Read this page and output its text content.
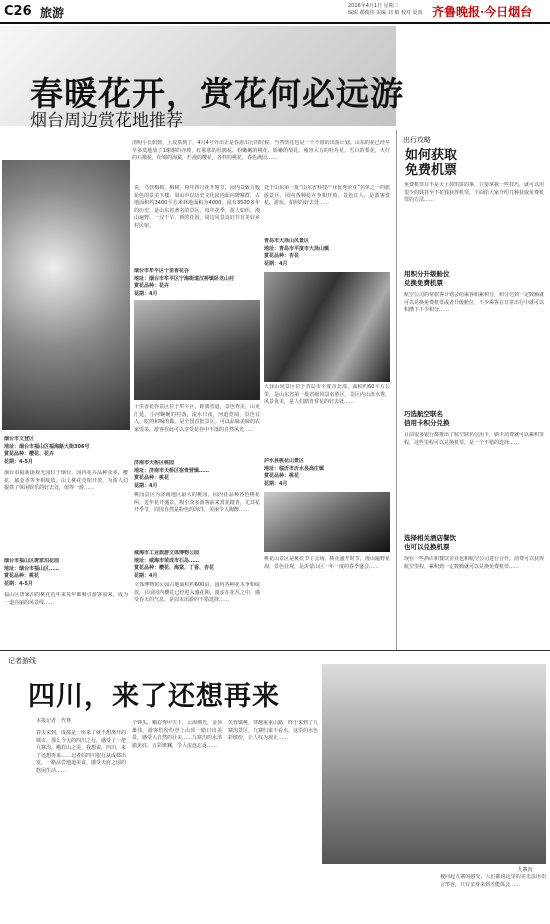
C26 旅游	2016年4月1日 星期三
编辑 郝俊伟 美编 刘 敏 校对 夏雨 齐鲁晚报·今日烟台
春暖花开，赏花何必远游
烟台周边赏花地推荐
清明小长假到，上坟墓到了，4月4号外出正是春游出行的时候，当然赏花也是一个不错的出游计划。山东的花已经早早多莫地放了1谢谢的亦坡，红那那的杜鹃花、粉嫩嫩的桃花、娇嫩的梨花、雍容大方的牡丹花，雪白的梨花，火红的石榴花，纷锦的海棠，烂漫的樱花，各样的桃花，春色满园……
说，乌营梅树，梅树，每年四月花开时节，园内景致万般花色的景美玉楼，周山中以历史文化园内面向牌寨群，占地面积约3400平方米林地面积为4000，园有3500多年的历史，是山东省著名的景区，每年花季，游人如织，漫山遍野，一汉干旱，新的花海，周边风景良好并有美好乡村民宿。
烟台市牟平区十里香花谷
地址：烟台市牟平区宁海街道汉桥镇卧龙山村
赏花品种：花卉
花期：4月
处于山东第一批“山东省科技产业优秀企业”名单之一的旅游景区，园内各种花卉争相开放，景色宜人，是游客赏花、游玩、拍照的好去处……
青岛市大泽山风景区
地址：青岛市平度市大泽山镇
赏花品种：杏花
花期：4月
大泽山风景区位于青岛市平度市北部，面积约60平方公里，是山东省第一批省级风景名胜区，景区内山清水秀，风景优美，是人们踏青赏花的好去处……
泸水县桃花山景区
地址：临沂市沂水县高庄镇
赏花品种：桃花
花期：4月
桃花山景区是桃花节主会场，桃花盛开时节，漫山遍野花海，景色壮观，是沂蒙山区一年一度的春季盛会……
十里香花谷景区位于牟平区，距离省道，景色秀美，山更汇延，小河蜿蜒的村落，流水日夜，河道宽阔，景色宜人，吃的和喝的都。是全国首批景区。可以品味美味的农家饭菜，游客在此可以享受花谷中不落的自然风光……
济南市天桥区桃园
地址：济南市天桥区宿贵营镇……
赏花品种：桃花
花期：4月
桃园景区为济南地区最大的桃园，园内花品种各色桃花两，近年花开盛景，吸引众多游客前来赏花踏青，尤其花开季节，周围自然是粉色的海洋，美丽令人陶醉……
威海市工业旅游文体博物公园
地址：威海市荣成市石岛……
赏花品种：樱花、海棠、丁香、杏花
花期：4月
文体博物馆公园占地面积约600亩，园内各种花木争相绽放，目前园内樱花已经进入盛花期，漫步在花丛之中，感受春天的气息，是周末出游的不错选择……
烟台市文登区
地址：烟台市福山区福海路大街306号
赏花品种：樱花、花卉
花期：4-5月
烟台市福新街观光园位于烟台，园内花卉品种众多，樱花、郁金香等争相绽放，山上桃花竞相开放，为游人们提供了休闲娱乐的好去处，值得一游……
烟台市福山区唐家泊花园
地址：烟台市福山区……
赏花品种：桃花
花期：4-5月
福山区唐家泊的桃花近年来每年都吸引游客前来，成为一道亮丽的风景线……
出行攻略
如何获取
免费机票
免费机票并不是天上掉馅饼的事，只要掌握一些技巧，就可以用很少的钱甚至不花钱获得机票，下面给大家介绍几种获取免费机票的方法……
用积分升级舱位
兑换免费机票
航空公司的常旅客计划会给乘客积累积分，积分达到一定数额就可以兑换免费机票或者升级舱位，不少乘客在日常出行中就可以积攒下不少积分……
巧选航空联名
信用卡积分兑换
目前很多银行都推出了航空联名信用卡，刷卡消费就可以累积里程，这些里程可以兑换机票，是一个不错的选择……
选择相关酒店餐饮
也可以兑换机票
现在一些酒店和餐饮企业也和航空公司进行合作，消费可以获得航空里程，累积到一定数额就可以兑换免费机票……
记者游线
四川，来了还想再来
本报记者　代赛
春天来到，成都是一座来了就不想离开的城市，那么今天的四川之行，感受了一把九寨沟，峨眉山之美，我想说，四川，来了还想再来……记者的四川旅行从成都出发，一路品尝地道美食，感受天府之国的悠闲生活……
个钟头，峨眉秀甲天下，云海佛光，金顶雄伟，游客们纷纷登上山顶一睹日出美景，感受大自然的壮美……九寨沟的水清澈见底，五彩斑斓，令人流连忘返……
芙蓉镇桃，穿越重重山路，终于来到了九寨沟景区，九寨归来不看水，这里的水色彩缤纷，让人叹为观止……
九寨沟
被问起九寨的感受，人们都说这里的美无法用语言形容，只有亲身来到才能体会……
